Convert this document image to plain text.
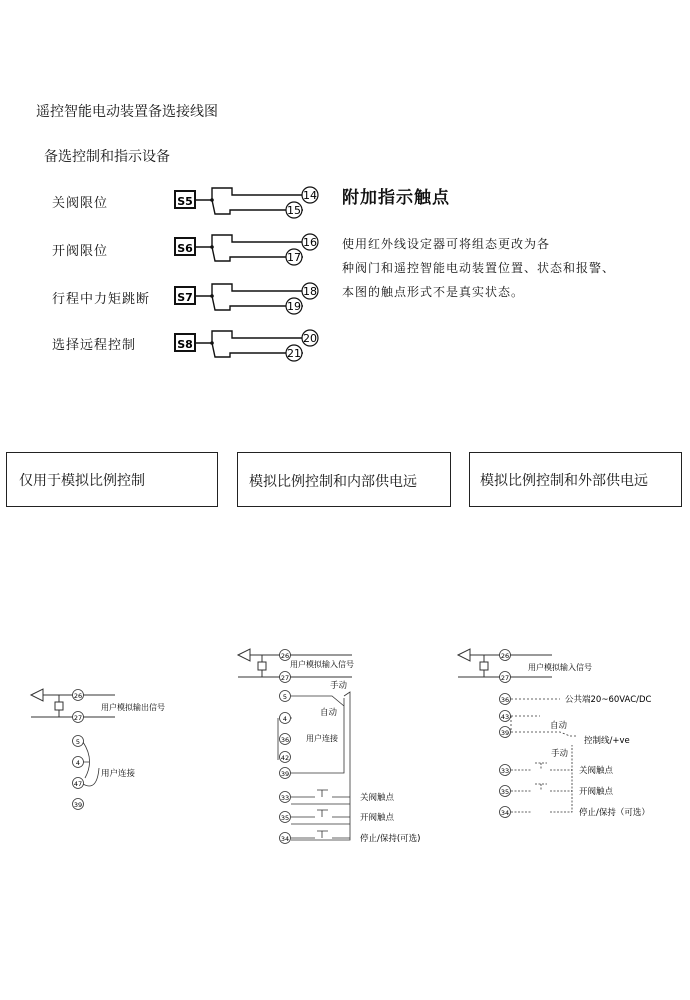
遥控智能电动装置备选接线图
备选控制和指示设备
关阀限位
开阀限位
行程中力矩跳断
选择远程控制
S5	14
15
S6	16
17
S7	18
19
S8	20
21
附加指示触点
使用红外线设定器可将组态更改为各
种阀门和遥控智能电动装置位置、状态和报警、
本图的触点形式不是真实状态。
仅用于模拟比例控制	模拟比例控制和内部供电远	模拟比例控制和外部供电远
26
27
用户模拟输出信号
5
4
47
39
用户连接
26
27
用户模拟输入信号
手动
自动
5
4
36
42
39
用户连接
33
35
34
关阀触点
开阀触点
停止/保持(可选)
26
27
用户模拟输入信号
36
43
39
公共端20~60VAC/DC
自动
控制线/+ve
手动
33
35
34
关阀触点
开阀触点
停止/保持（可选）
